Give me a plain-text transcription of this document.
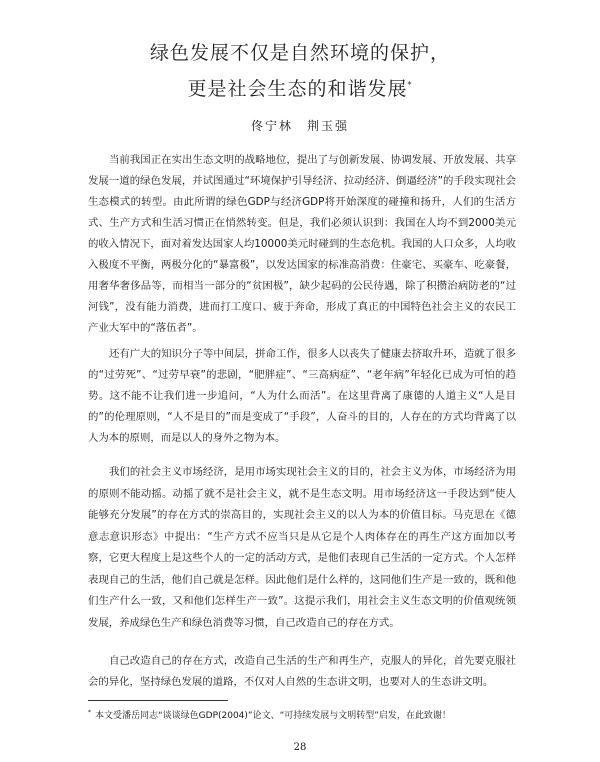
绿色发展不仅是自然环境的保护，
更是社会生态的和谐发展*
佟宁林　荆玉强

当前我国正在实出生态文明的战略地位，提出了与创新发展、协调发展、开放发展、共享发展一道的绿色发展，并试图通过“环境保护引导经济、拉动经济、倒逼经济”的手段实现社会生态模式的转型。由此所谓的绿色GDP与经济GDP将开始深度的碰撞和扬升，人们的生活方式、生产方式和生活习惯正在悄然转变。但是，我们必须认识到：我国在人均不到2000美元的收入情况下，面对着发达国家人均10000美元时碰到的生态危机。我国的人口众多，人均收入极度不平衡，两极分化的“暴富极”，以发达国家的标准高消费：住豪宅、买豪车、吃豪餐，用奢华奢侈品等，而相当一部分的“贫困极”，缺少起码的公民待遇，除了积攒治病防老的“过河钱”，没有能力消费，进而打工度口、疲于奔命，形成了真正的中国特色社会主义的农民工产业大军中的“落伍者”。

还有广大的知识分子等中间层，拼命工作，很多人以丧失了健康去挤取升环，造就了很多的“过劳死”、“过劳早衰”的悲剧，“肥胖症”、“三高病症”、“老年病”年轻化已成为可怕的趋势。这不能不让我们进一步追问，“人为什么而活”。在这里背离了康德的人道主义“人是目的”的伦理原则，“人不是目的”而是变成了“手段”，人奋斗的目的，人存在的方式均背离了以人为本的原则，而是以人的身外之物为本。

我们的社会主义市场经济，是用市场实现社会主义的目的，社会主义为体，市场经济为用的原则不能动摇。动摇了就不是社会主义，就不是生态文明。用市场经济这一手段达到“使人能够充分发展”的存在方式的崇高目的，实现社会主义的以人为本的价值目标。马克思在《德意志意识形态》中提出：“生产方式不应当只是从它是个人肉体存在的再生产这方面加以考察，它更大程度上是这些个人的一定的活动方式，是他们表现自己生活的一定方式。个人怎样表现自己的生活，他们自己就是怎样。因此他们是什么样的，这同他们生产是一致的，既和他们生产什么一致，又和他们怎样生产一致”。这提示我们，用社会主义生态文明的价值观统领发展，养成绿色生产和绿色消费等习惯，自己改造自己的存在方式。

自己改造自己的存在方式，改造自己生活的生产和再生产，克服人的异化，首先要克服社会的异化，坚持绿色发展的道路，不仅对人自然的生态讲文明，也要对人的生态讲文明。

* 本文受潘岳同志“谈谈绿色GDP(2004)”论文、“可持续发展与文明转型”启发，在此致谢！

28
